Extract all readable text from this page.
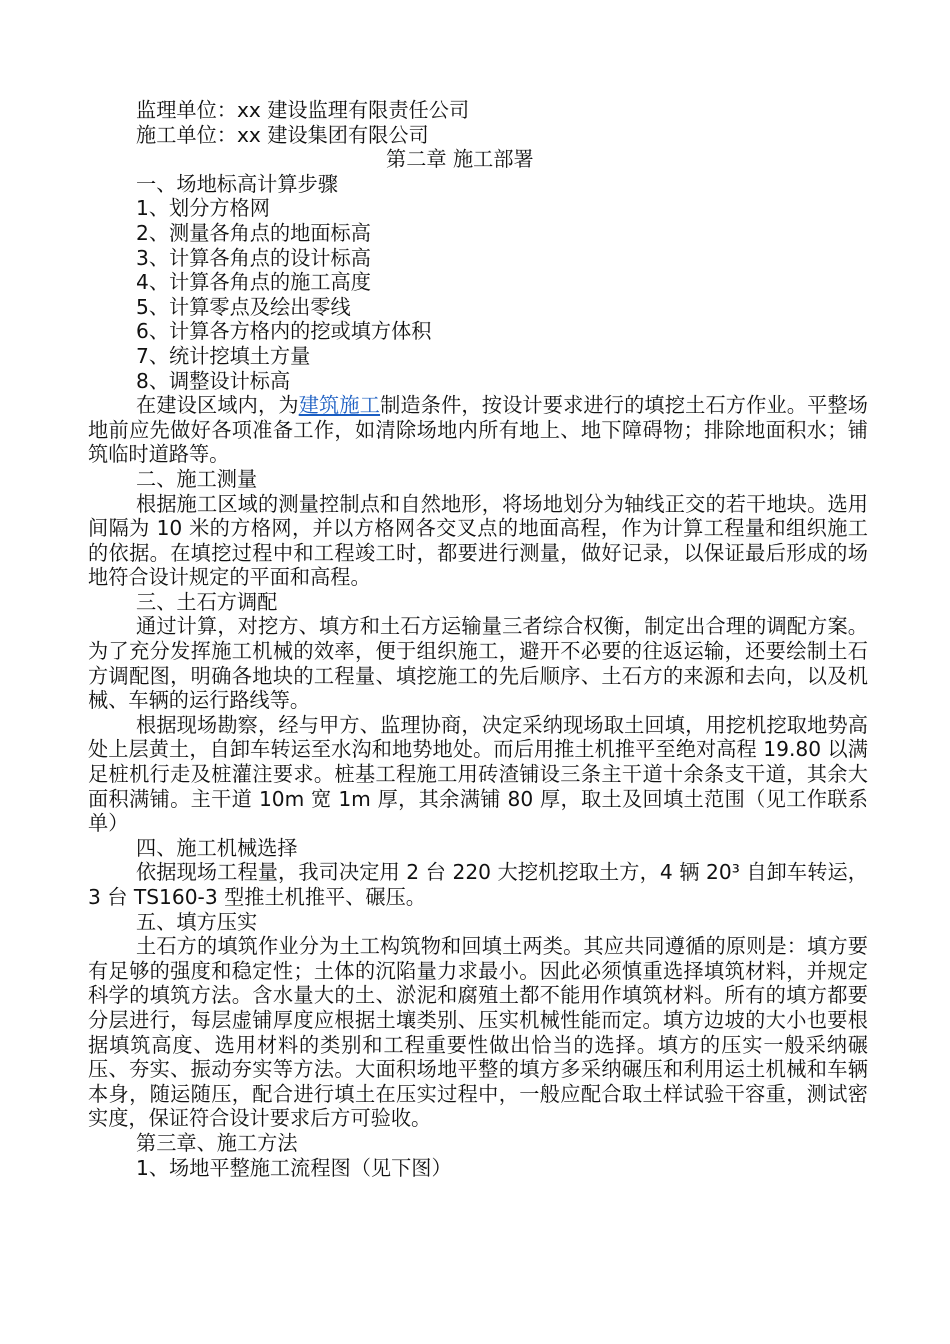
监理单位：xx 建设监理有限责任公司

施工单位：xx 建设集团有限公司

第二章 施工部署

一、场地标高计算步骤

1、划分方格网

2、测量各角点的地面标高

3、计算各角点的设计标高

4、计算各角点的施工高度

5、计算零点及绘出零线

6、计算各方格内的挖或填方体积

7、统计挖填土方量

8、调整设计标高

在建设区域内，为建筑施工制造条件，按设计要求进行的填挖土石方作业。平整场地前应先做好各项准备工作，如清除场地内所有地上、地下障碍物；排除地面积水；铺筑临时道路等。

二、施工测量

根据施工区域的测量控制点和自然地形，将场地划分为轴线正交的若干地块。选用间隔为 10 米的方格网，并以方格网各交叉点的地面高程，作为计算工程量和组织施工的依据。在填挖过程中和工程竣工时，都要进行测量，做好记录，以保证最后形成的场地符合设计规定的平面和高程。

三、土石方调配

通过计算，对挖方、填方和土石方运输量三者综合权衡，制定出合理的调配方案。为了充分发挥施工机械的效率，便于组织施工，避开不必要的往返运输，还要绘制土石方调配图，明确各地块的工程量、填挖施工的先后顺序、土石方的来源和去向，以及机械、车辆的运行路线等。

根据现场勘察，经与甲方、监理协商，决定采纳现场取土回填，用挖机挖取地势高处上层黄土，自卸车转运至水沟和地势地处。而后用推土机推平至绝对高程 19.80 以满足桩机行走及桩灌注要求。桩基工程施工用砖渣铺设三条主干道十余条支干道，其余大面积满铺。主干道 10m 宽 1m 厚，其余满铺 80 厚，取土及回填土范围（见工作联系单）

四、施工机械选择

依据现场工程量，我司决定用 2 台 220 大挖机挖取土方，4 辆 20³ 自卸车转运，3 台 TS160-3 型推土机推平、碾压。

五、填方压实

土石方的填筑作业分为土工构筑物和回填土两类。其应共同遵循的原则是：填方要有足够的强度和稳定性；土体的沉陷量力求最小。因此必须慎重选择填筑材料，并规定科学的填筑方法。含水量大的土、淤泥和腐殖土都不能用作填筑材料。所有的填方都要分层进行，每层虚铺厚度应根据土壤类别、压实机械性能而定。填方边坡的大小也要根据填筑高度、选用材料的类别和工程重要性做出恰当的选择。填方的压实一般采纳碾压、夯实、振动夯实等方法。大面积场地平整的填方多采纳碾压和利用运土机械和车辆本身，随运随压，配合进行填土在压实过程中，一般应配合取土样试验干容重，测试密实度，保证符合设计要求后方可验收。

第三章、施工方法

1、场地平整施工流程图（见下图）
